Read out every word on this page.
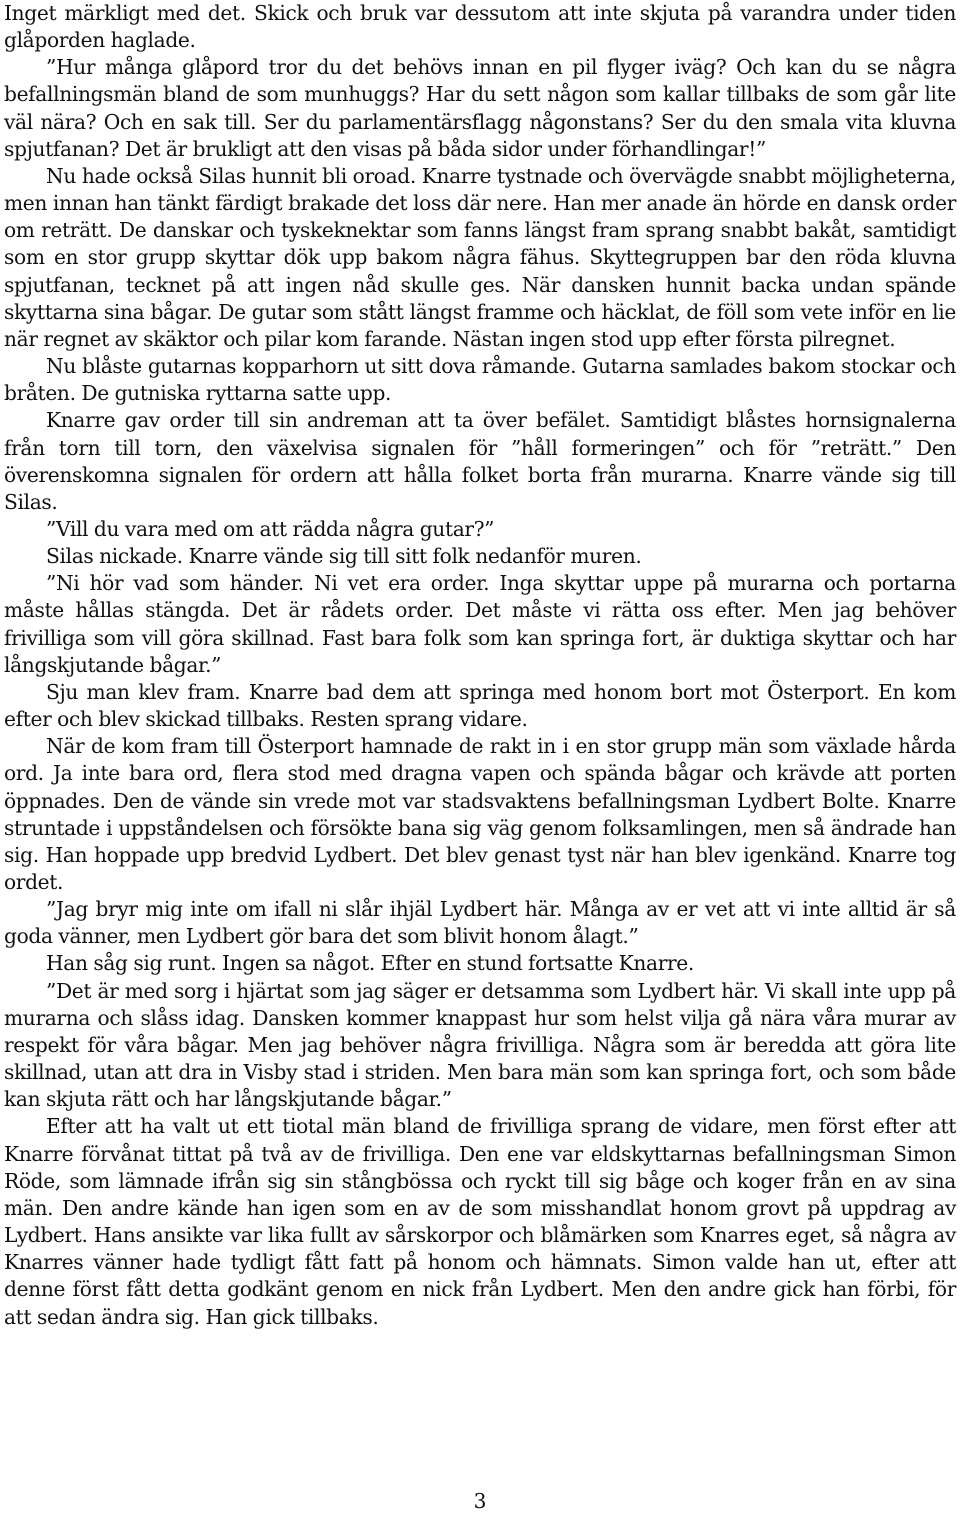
Inget märkligt med det. Skick och bruk var dessutom att inte skjuta på varandra under tiden glåporden haglade.

”Hur många glåpord tror du det behövs innan en pil flyger iväg? Och kan du se några befallningsmän bland de som munhuggs? Har du sett någon som kallar tillbaks de som går lite väl nära? Och en sak till. Ser du parlamentärsflagg någonstans? Ser du den smala vita kluvna spjutfanan? Det är brukligt att den visas på båda sidor under förhandlingar!”

Nu hade också Silas hunnit bli oroad. Knarre tystnade och övervägde snabbt möjligheterna, men innan han tänkt färdigt brakade det loss där nere. Han mer anade än hörde en dansk order om reträtt. De danskar och tyskeknektar som fanns längst fram sprang snabbt bakåt, samtidigt som en stor grupp skyttar dök upp bakom några fähus. Skyttegruppen bar den röda kluvna spjutfanan, tecknet på att ingen nåd skulle ges. När dansken hunnit backa undan spände skyttarna sina bågar. De gutar som stått längst framme och häcklat, de föll som vete inför en lie när regnet av skäktor och pilar kom farande. Nästan ingen stod upp efter första pilregnet.

Nu blåste gutarnas kopparhorn ut sitt dova råmande. Gutarna samlades bakom stockar och bråten. De gutniska ryttarna satte upp.

Knarre gav order till sin andreman att ta över befälet. Samtidigt blåstes hornsignalerna från torn till torn, den växelvisa signalen för ”håll formeringen” och för ”reträtt.” Den överenskomna signalen för ordern att hålla folket borta från murarna. Knarre vände sig till Silas.

”Vill du vara med om att rädda några gutar?”

Silas nickade. Knarre vände sig till sitt folk nedanför muren.

”Ni hör vad som händer. Ni vet era order. Inga skyttar uppe på murarna och portarna måste hållas stängda. Det är rådets order. Det måste vi rätta oss efter. Men jag behöver frivilliga som vill göra skillnad. Fast bara folk som kan springa fort, är duktiga skyttar och har långskjutande bågar.”

Sju man klev fram. Knarre bad dem att springa med honom bort mot Österport. En kom efter och blev skickad tillbaks. Resten sprang vidare.

När de kom fram till Österport hamnade de rakt in i en stor grupp män som växlade hårda ord. Ja inte bara ord, flera stod med dragna vapen och spända bågar och krävde att porten öppnades. Den de vände sin vrede mot var stadsvaktens befallningsman Lydbert Bolte. Knarre struntade i uppståndelsen och försökte bana sig väg genom folksamlingen, men så ändrade han sig. Han hoppade upp bredvid Lydbert. Det blev genast tyst när han blev igenkänd. Knarre tog ordet.

”Jag bryr mig inte om ifall ni slår ihjäl Lydbert här. Många av er vet att vi inte alltid är så goda vänner, men Lydbert gör bara det som blivit honom ålagt.”

Han såg sig runt. Ingen sa något. Efter en stund fortsatte Knarre.

”Det är med sorg i hjärtat som jag säger er detsamma som Lydbert här. Vi skall inte upp på murarna och slåss idag. Dansken kommer knappast hur som helst vilja gå nära våra murar av respekt för våra bågar. Men jag behöver några frivilliga. Några som är beredda att göra lite skillnad, utan att dra in Visby stad i striden. Men bara män som kan springa fort, och som både kan skjuta rätt och har långskjutande bågar.”

Efter att ha valt ut ett tiotal män bland de frivilliga sprang de vidare, men först efter att Knarre förvånat tittat på två av de frivilliga. Den ene var eldskyttarnas befallningsman Simon Röde, som lämnade ifrån sig sin stångbössa och ryckt till sig båge och koger från en av sina män. Den andre kände han igen som en av de som misshandlat honom grovt på uppdrag av Lydbert. Hans ansikte var lika fullt av sårskorpor och blåmärken som Knarres eget, så några av Knarres vänner hade tydligt fått fatt på honom och hämnats. Simon valde han ut, efter att denne först fått detta godkänt genom en nick från Lydbert. Men den andre gick han förbi, för att sedan ändra sig. Han gick tillbaks.

3
